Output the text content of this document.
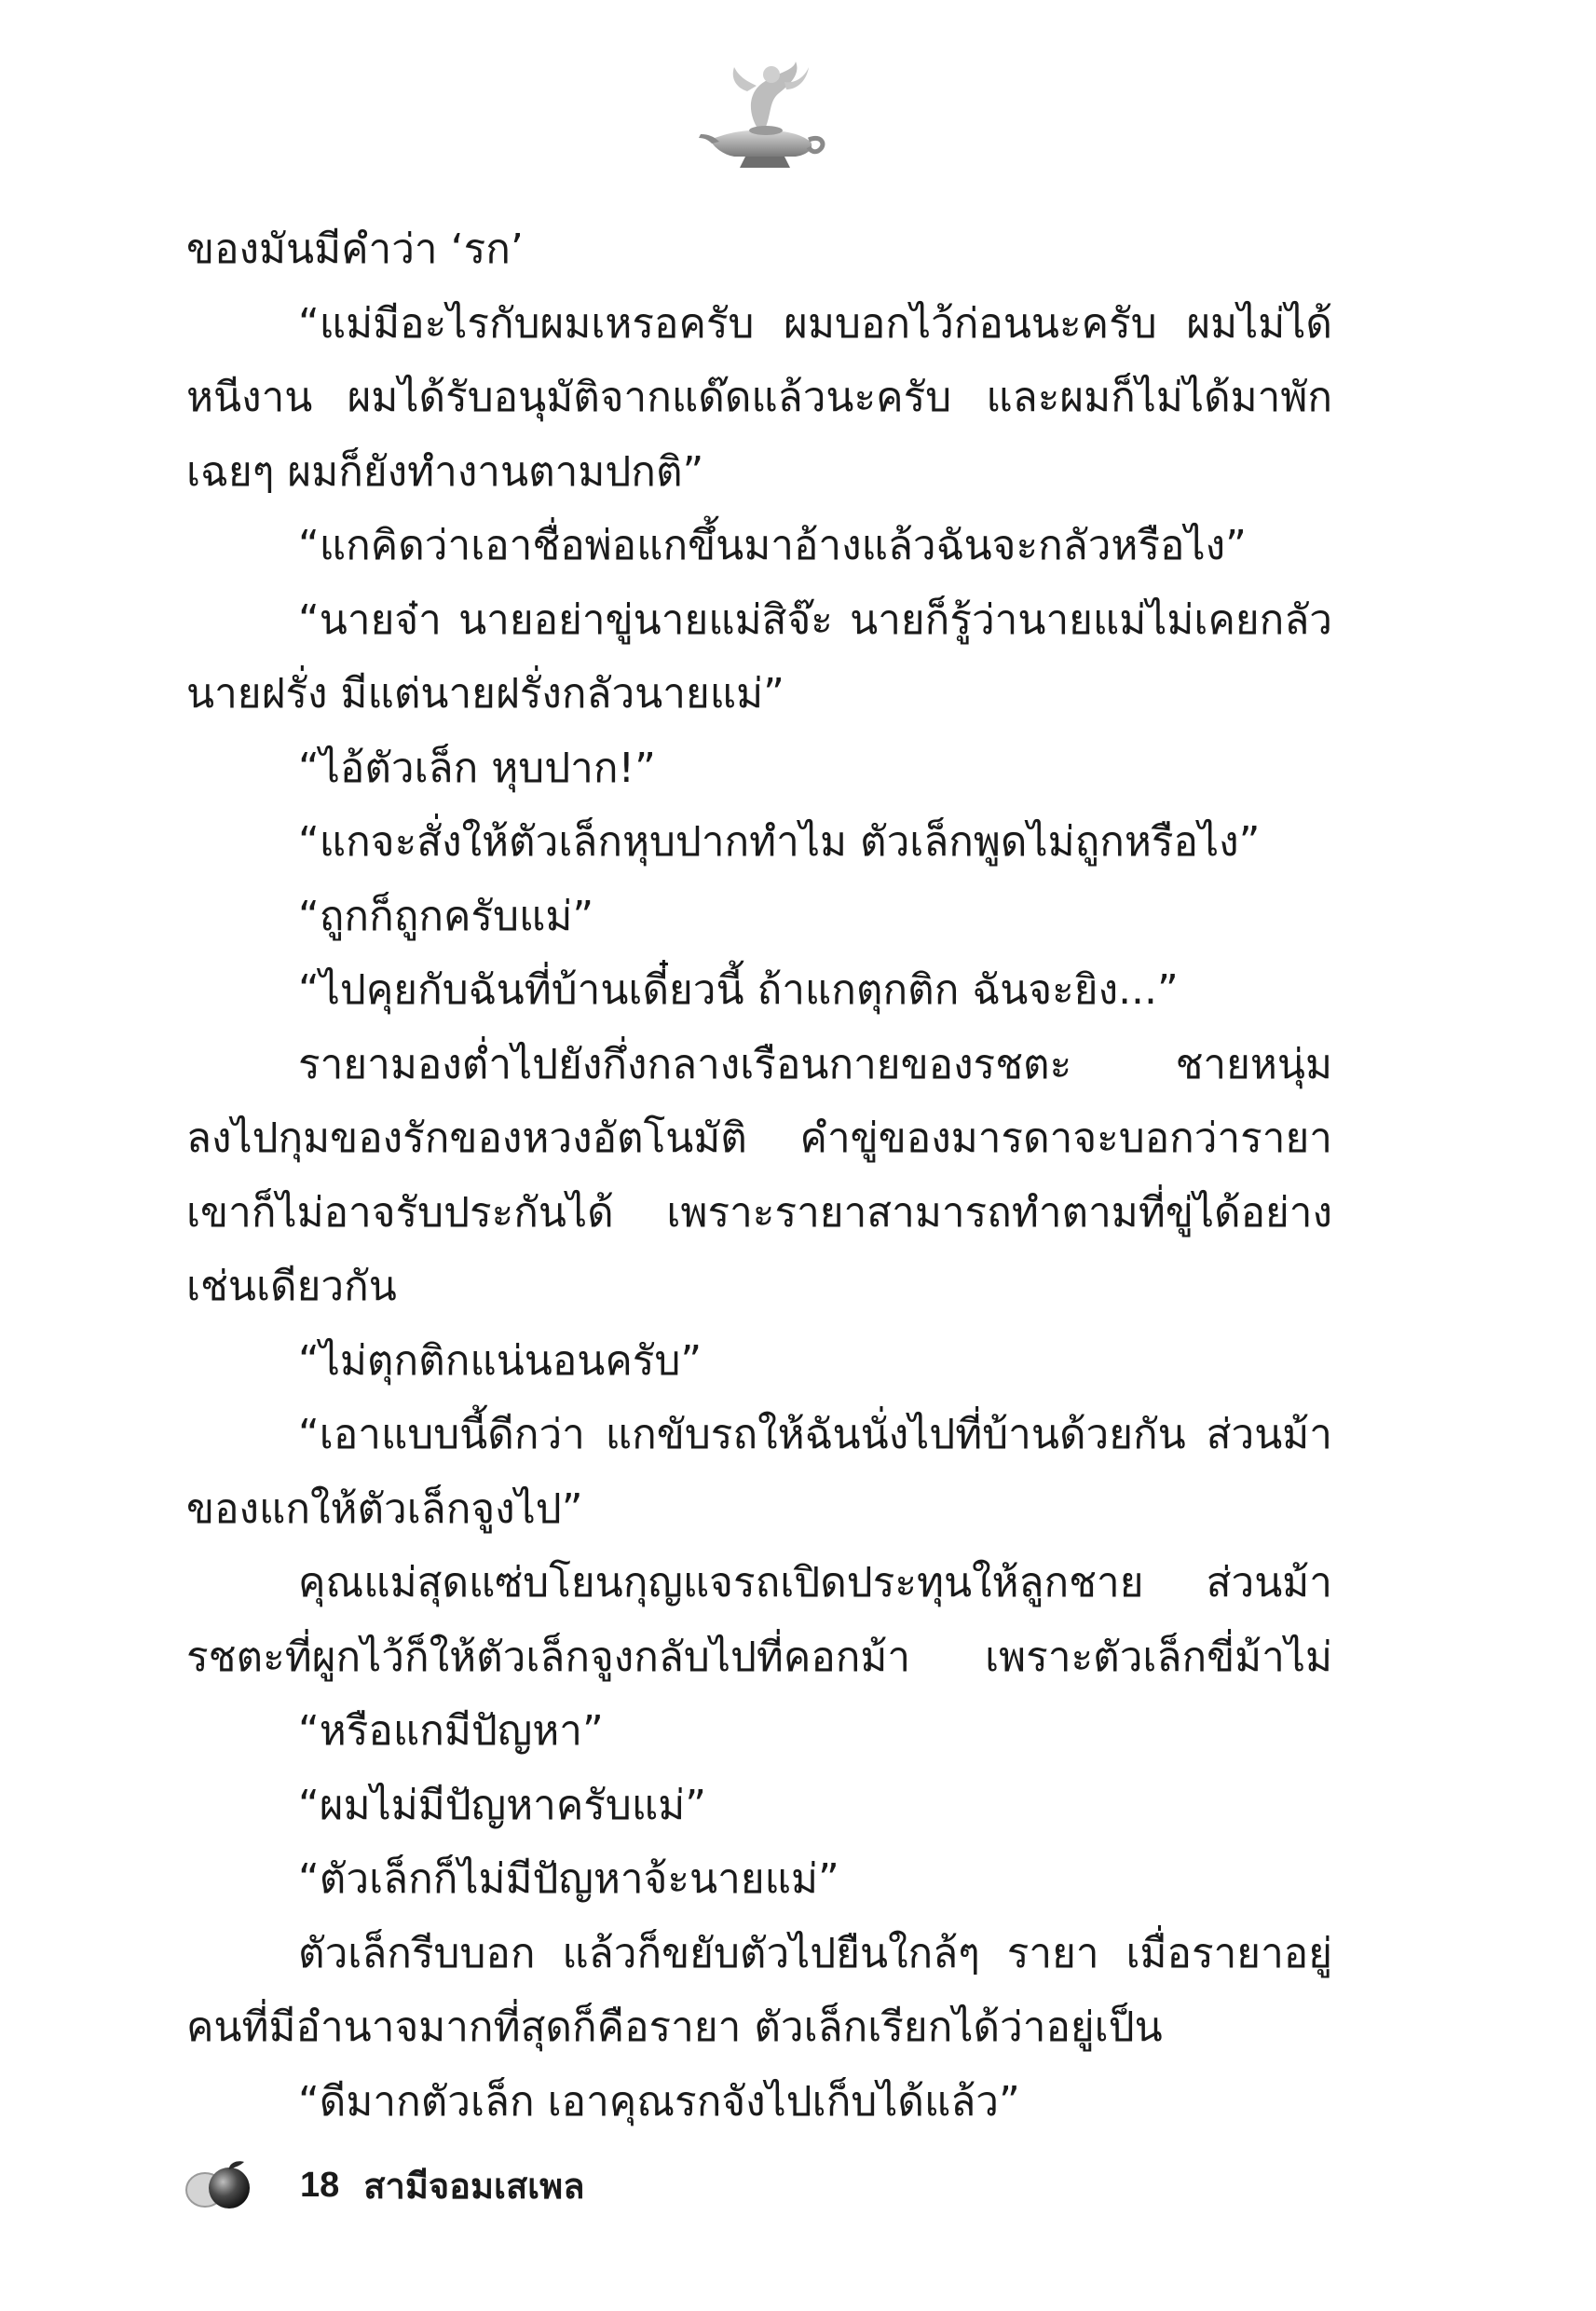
ของมันมีคำว่า ‘รก’
“แม่มีอะไรกับผมเหรอครับ ผมบอกไว้ก่อนนะครับ ผมไม่ได้
หนีงาน ผมได้รับอนุมัติจากแด๊ดแล้วนะครับ และผมก็ไม่ได้มาพัก
เฉยๆ ผมก็ยังทำงานตามปกติ”
“แกคิดว่าเอาชื่อพ่อแกขึ้นมาอ้างแล้วฉันจะกลัวหรือไง”
“นายจ๋า นายอย่าขู่นายแม่สิจ๊ะ นายก็รู้ว่านายแม่ไม่เคยกลัว
นายฝรั่ง มีแต่นายฝรั่งกลัวนายแม่”
“ไอ้ตัวเล็ก หุบปาก!”
“แกจะสั่งให้ตัวเล็กหุบปากทำไม ตัวเล็กพูดไม่ถูกหรือไง”
“ถูกก็ถูกครับแม่”
“ไปคุยกับฉันที่บ้านเดี๋ยวนี้ ถ้าแกตุกติก ฉันจะยิง...”
รายามองต่ำไปยังกึ่งกลางเรือนกายของรชตะ ชายหนุ่ม
ลงไปกุมของรักของหวงอัตโนมัติ คำขู่ของมารดาจะบอกว่ารายา
เขาก็ไม่อาจรับประกันได้ เพราะรายาสามารถทำตามที่ขู่ได้อย่าง
เช่นเดียวกัน
“ไม่ตุกติกแน่นอนครับ”
“เอาแบบนี้ดีกว่า แกขับรถให้ฉันนั่งไปที่บ้านด้วยกัน ส่วนม้า
ของแกให้ตัวเล็กจูงไป”
คุณแม่สุดแซ่บโยนกุญแจรถเปิดประทุนให้ลูกชาย ส่วนม้า
รชตะที่ผูกไว้ก็ให้ตัวเล็กจูงกลับไปที่คอกม้า เพราะตัวเล็กขี่ม้าไม่
“หรือแกมีปัญหา”
“ผมไม่มีปัญหาครับแม่”
“ตัวเล็กก็ไม่มีปัญหาจ้ะนายแม่”
ตัวเล็กรีบบอก แล้วก็ขยับตัวไปยืนใกล้ๆ รายา เมื่อรายาอยู่
คนที่มีอำนาจมากที่สุดก็คือรายา ตัวเล็กเรียกได้ว่าอยู่เป็น
“ดีมากตัวเล็ก เอาคุณรกจังไปเก็บได้แล้ว”
18 สามีจอมเสเพล
